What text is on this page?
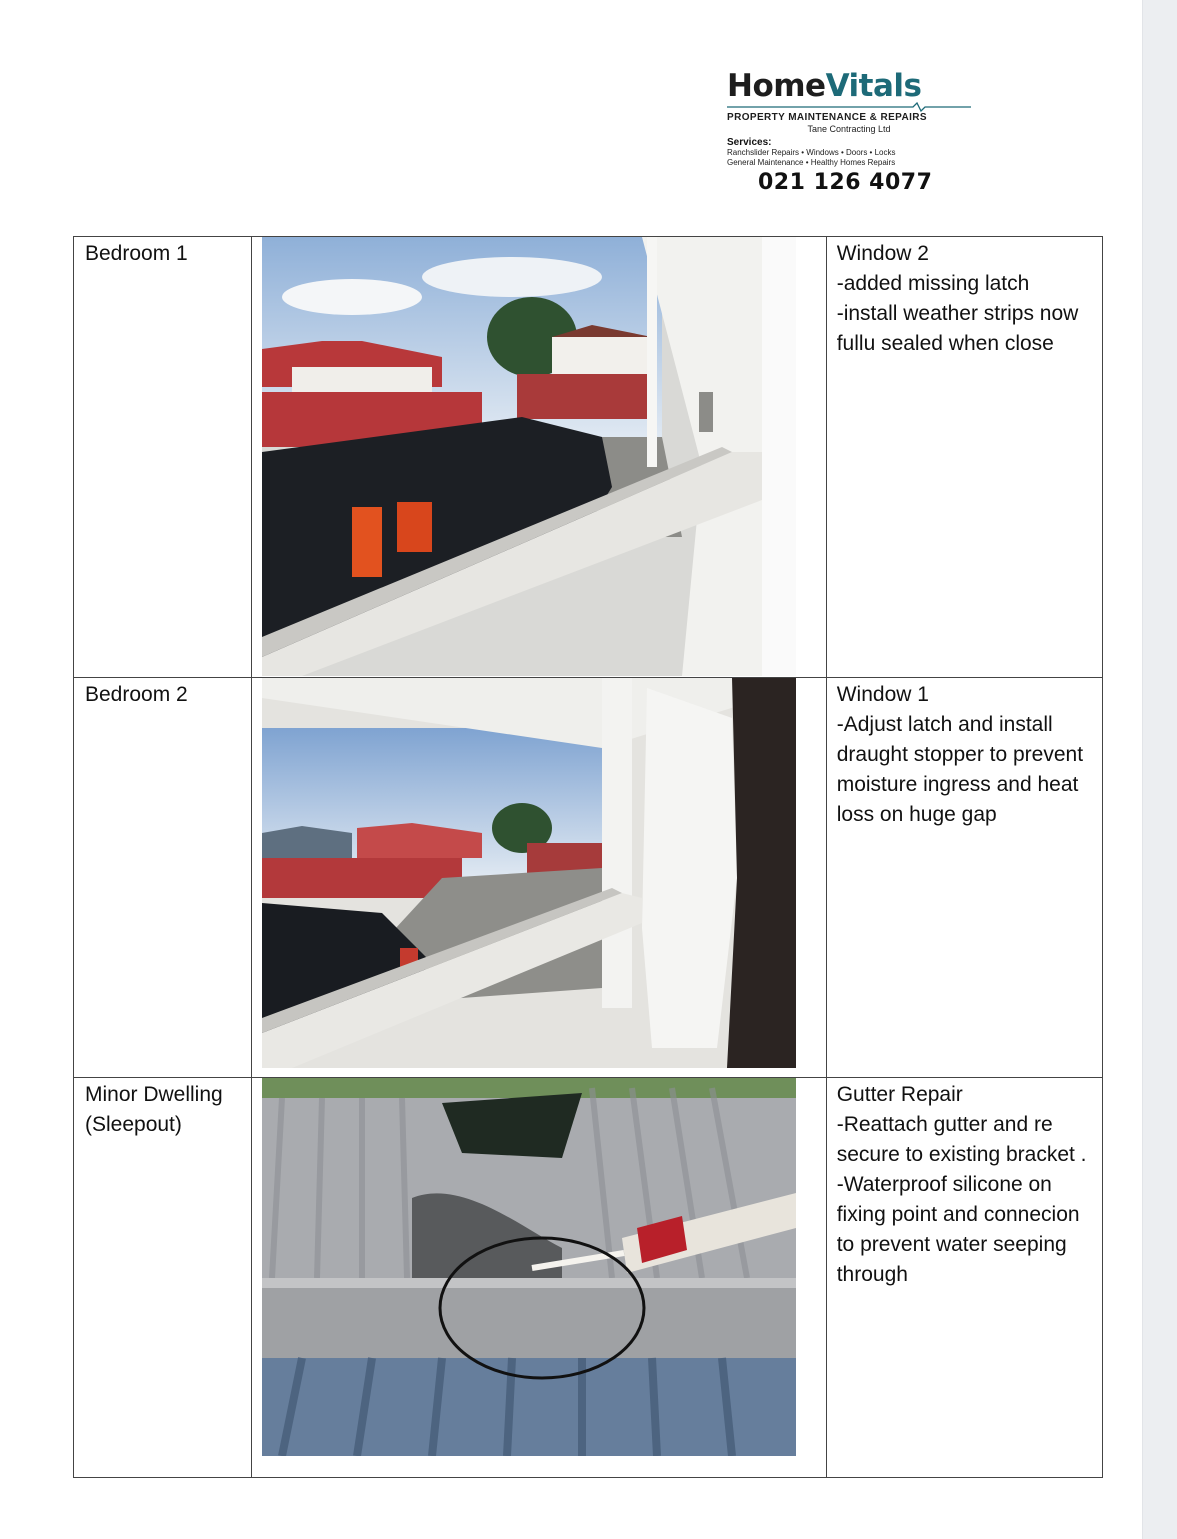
HomeVitals
PROPERTY MAINTENANCE & REPAIRS
Tane Contracting Ltd
Services:
Ranchslider Repairs • Windows • Doors • Locks
General Maintenance • Healthy Homes Repairs
021 126 4077
Bedroom 1		Window 2
-added missing latch
-install weather strips now fullu sealed when close

Bedroom 2		Window 1
-Adjust latch and install draught stopper to prevent moisture ingress and heat loss on huge gap

Minor Dwelling (Sleepout)		Gutter Repair
-Reattach gutter and re secure to existing bracket .
-Waterproof silicone on fixing point and connecion to prevent water seeping through
